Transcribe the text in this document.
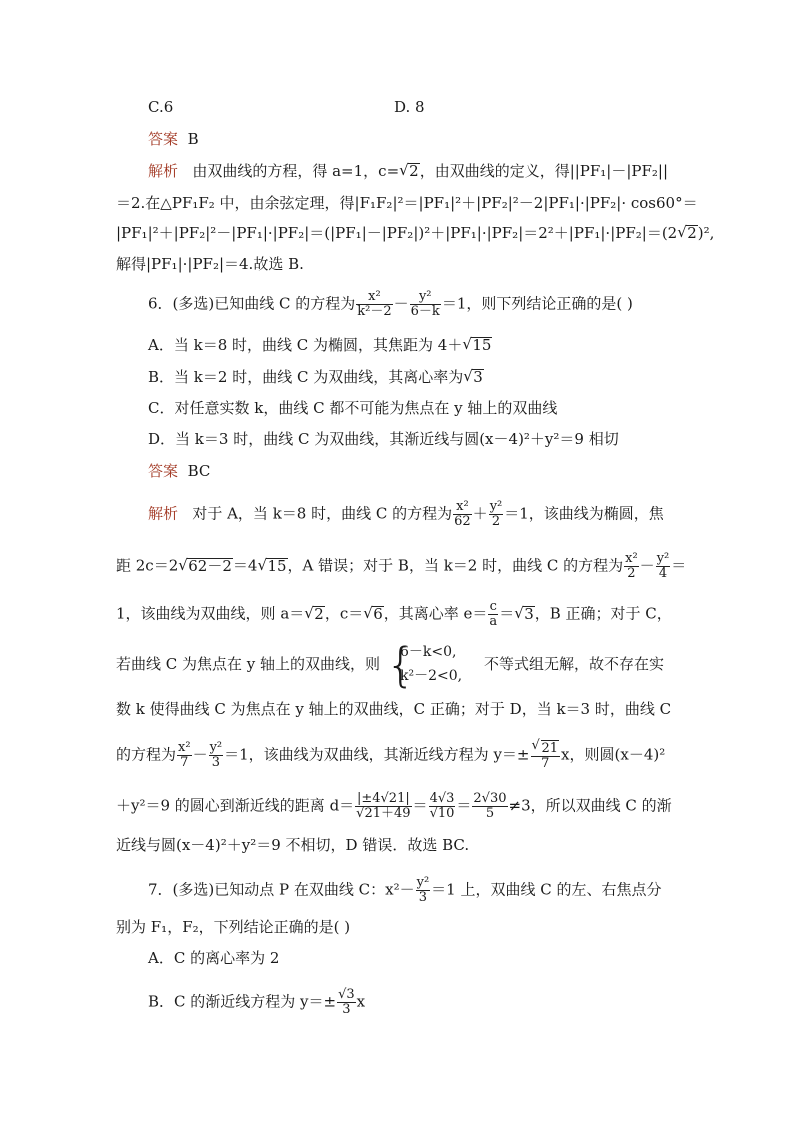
C.6	D. 8
答案 B
解析 由双曲线的方程，得 a=1，c= √ 2，由双曲线的定义，得||PF₁|－|PF₂||
＝2.在△PF₁F₂ 中，由余弦定理，得|F₁F₂|²＝|PF₁|²＋|PF₂|²－2|PF₁|·|PF₂|· cos60°＝
|PF₁|²＋|PF₂|²－|PF₁|·|PF₂|＝(|PF₁|－|PF₂|)²＋|PF₁|·|PF₂|＝2²＋|PF₁|·|PF₂|＝(2 √ 2)²,
解得|PF₁|·|PF₂|＝4.故选 B.
6．(多选)已知曲线 C 的方程为 $\frac{\text{x²}}{\text{k²－2}} - \frac{\text{y²}}{6-k} =1$，则下列结论正确的是( )
A．当 k＝8 时，曲线 C 为椭圆，其焦距为 4＋ √ 15
B．当 k＝2 时，曲线 C 为双曲线，其离心率为 √ 3
C．对任意实数 k，曲线 C 都不可能为焦点在 y 轴上的双曲线
D．当 k＝3 时，曲线 C 为双曲线，其渐近线与圆(x－4)²＋y²＝9 相切
答案 BC
解析 对于 A，当 k＝8 时，曲线 C 的方程为 $\frac{\text{x²}}{62} + \frac{\text{y²}}{2} =1$，该曲线为椭圆，焦
距 2c＝2 √ 62－2＝4 √ 15，A 错误；对于 B，当 k＝2 时，曲线 C 的方程为 $\frac{\text{x²}}{2} - \frac{\text{y²}}{4}$ ＝
1，该曲线为双曲线，则 a＝ √ 2，c＝ √ 6，其离心率 $e= \frac{c}{a}$ ＝ √ 3，B 正确；对于 C，
若曲线 C 为焦点在 y 轴上的双曲线，则 {
6－k<0,
k²－2<0,
不等式组无解，故不存在实
数 k 使得曲线 C 为焦点在 y 轴上的双曲线，C 正确；对于 D，当 k＝3 时，曲线 C
的方程为 $\frac{\text{x²}}{7} - \frac{\text{y²}}{3} =1$，该曲线为双曲线，其渐近线方程为 y＝± √ $\frac{21}{7}$ x，则圆(x－4)²
＋y²＝9 的圆心到渐近线的距离 $d= \frac{|\pm 4√21|}{√21+49} = \frac{4√3}{√10} = \frac{2√30}{5} \ne 3$，所以双曲线 C 的渐
近线与圆(x－4)²＋y²＝9 不相切，D 错误．故选 BC.
7．(多选)已知动点 P 在双曲线 C：$x^2- \frac{\text{y²}}{3} =1$ 上，双曲线 C 的左、右焦点分
别为 F₁，F₂，下列结论正确的是( )
A．C 的离心率为 2
B．C 的渐近线方程为 $y=\pm \frac{√3}{3}$ x
